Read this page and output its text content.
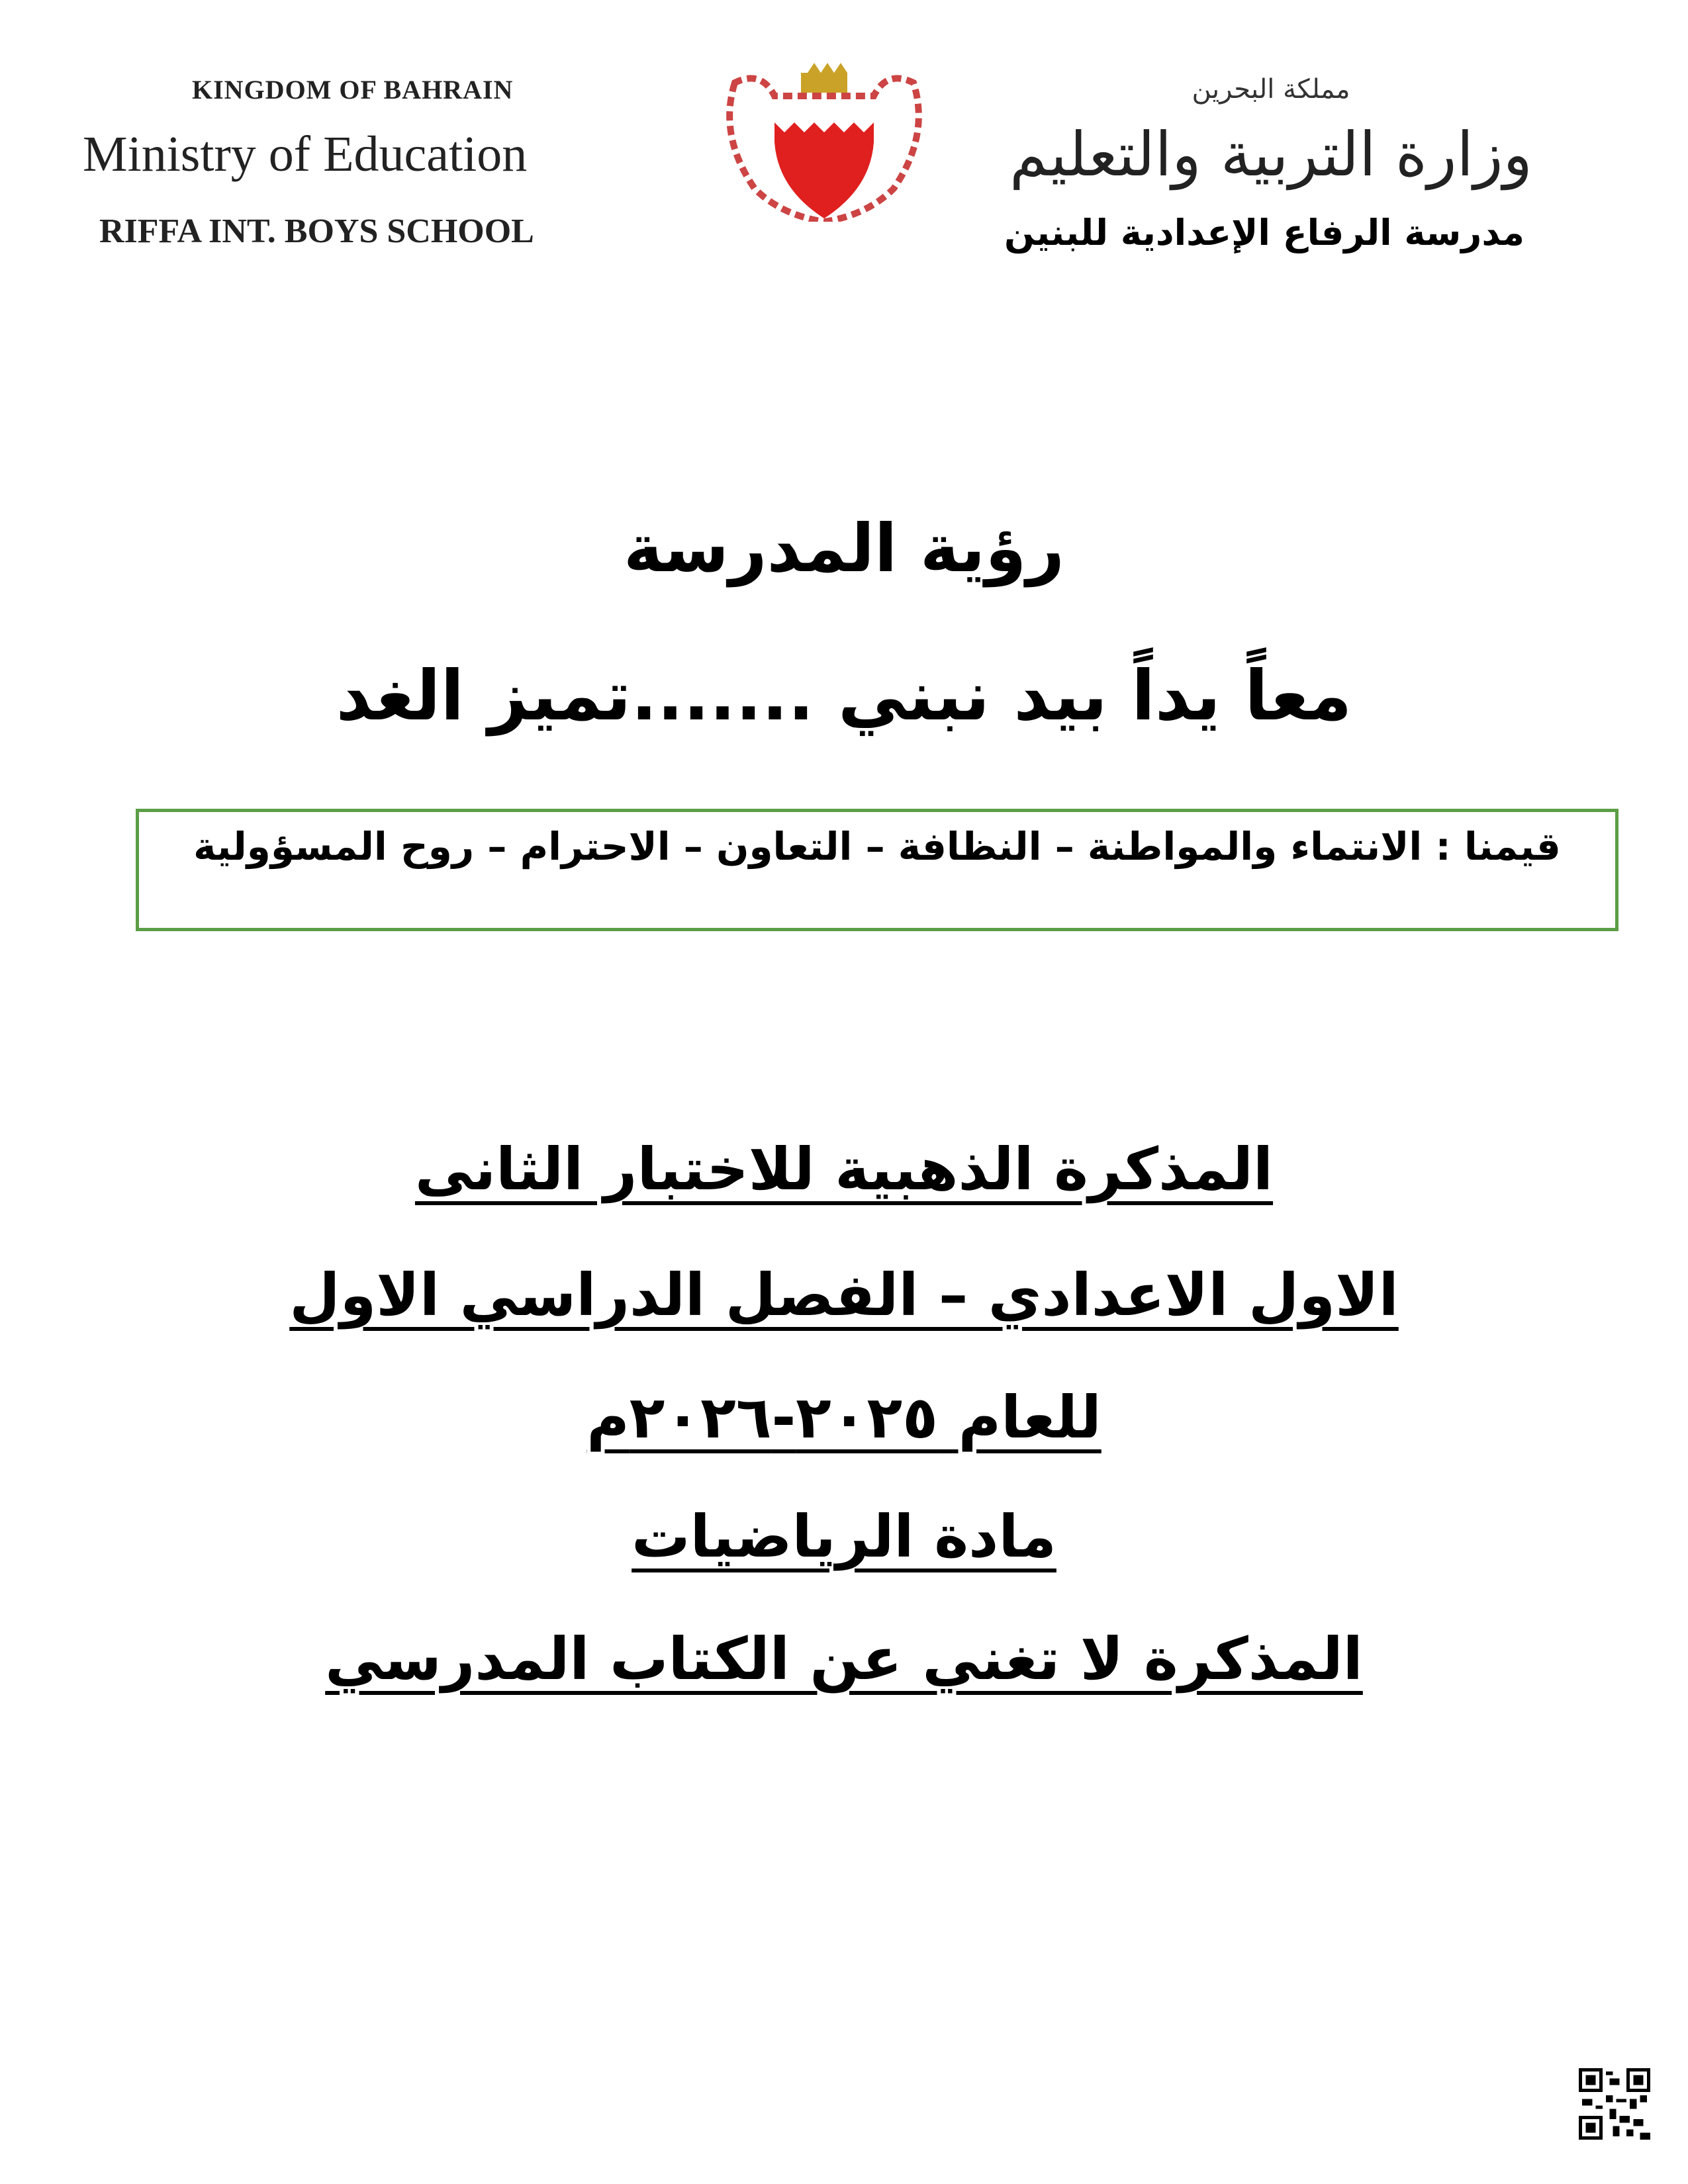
KINGDOM OF BAHRAIN
Ministry of Education
RIFFA INT. BOYS SCHOOL
مملكة البحرين
وزارة التربية والتعليم
مدرسة الرفاع الإعدادية للبنين
رؤية المدرسة
معاً يداً بيد نبني .......تميز الغد
قيمنا : الانتماء والمواطنة – النظافة – التعاون – الاحترام – روح المسؤولية
المذكرة الذهبية للاختبار الثانى
الاول الاعدادي – الفصل الدراسي الاول
للعام ٢٠٢٥-٢٠٢٦م
مادة الرياضيات
المذكرة لا تغني عن الكتاب المدرسي
